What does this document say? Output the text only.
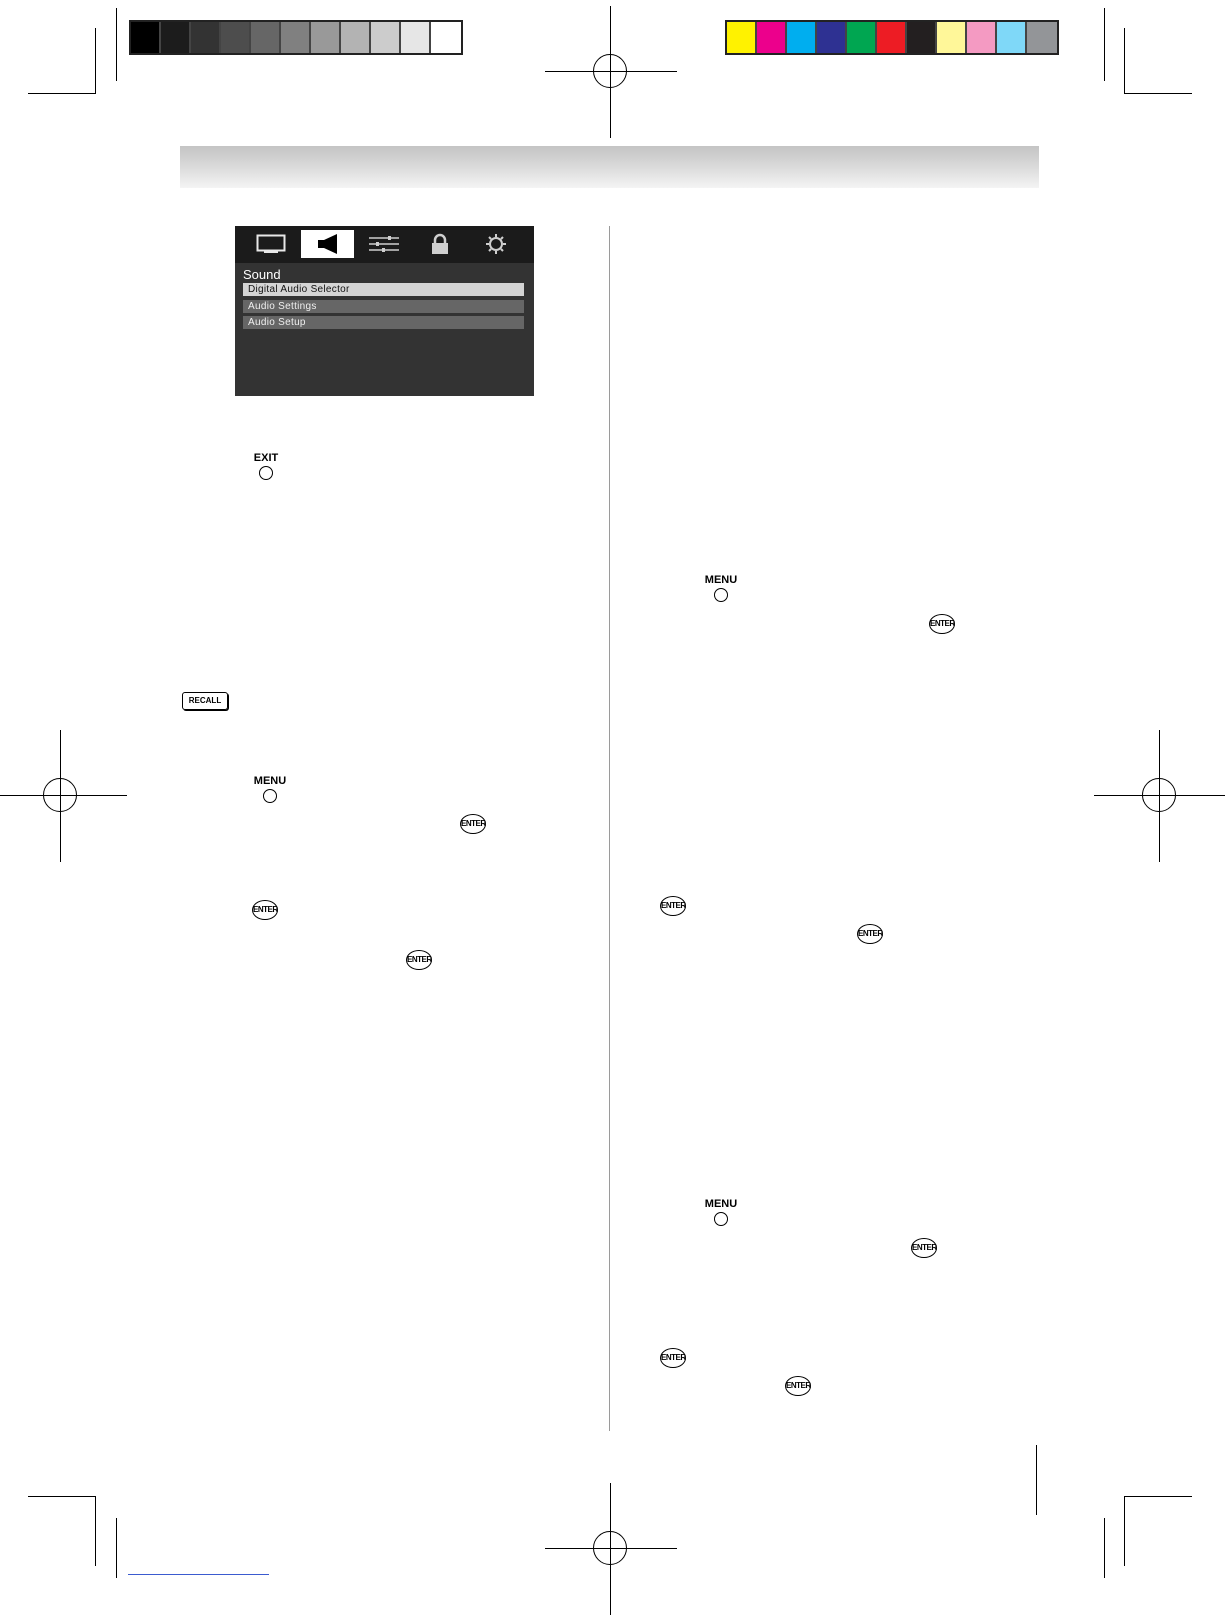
Sound
Digital Audio Selector
Audio Settings
Audio Setup
EXIT
RECALL
MENU
ENTER
ENTER
ENTER
MENU
ENTER
ENTER
ENTER
MENU
ENTER
ENTER
ENTER
